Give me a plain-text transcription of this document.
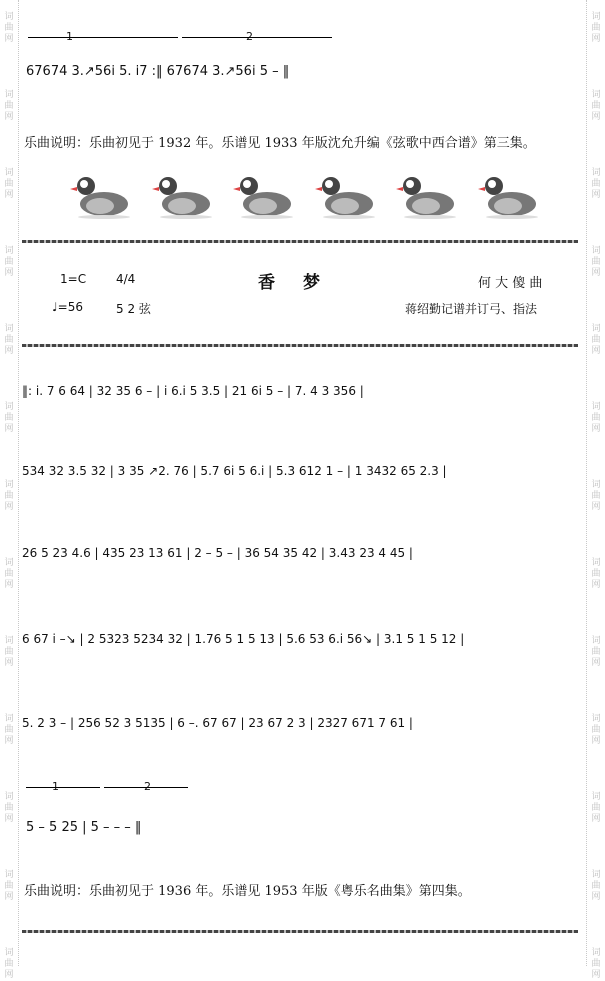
词
曲
网
词
曲
网
词
曲
网
词
曲
网
词
曲
网
词
曲
网
词
曲
网
词
曲
网
词
曲
网
词
曲
网
词
曲
网
词
曲
网
词
曲
网
词
曲
网
词
曲
网
词
曲
网
词
曲
网
词
曲
网
词
曲
网
词
曲
网
词
曲
网
词
曲
网
词
曲
网
词
曲
网
词
曲
网
词
曲
网
1	2
67674 3.↗56i 5. i7 :‖ 67674 3.↗56i 5 – ‖
乐曲说明：乐曲初见于 1932 年。乐谱见 1933 年版沈允升编《弦歌中西合谱》第三集。
1=C 4/4	香梦	何 大 傻 曲
♩=56	5 2 弦	蒋绍勤记谱并订弓、指法
‖: i. 7 6 64 | 32 35 6 – | i 6.i 5 3.5 | 21 6i 5 – | 7. 4 3 356 |
534 32 3.5 32 | 3 35 ↗2. 76 | 5.7 6i 5 6.i | 5.3 612 1 – | 1 3432 65 2.3 |
26 5 23 4.6 | 435 23 13 61 | 2 – 5 – | 36 54 35 42 | 3.43 23 4 45 |
6 67 i –↘ | 2 5323 5234 32 | 1.76 5 1 5 13 | 5.6 53 6.i 56↘ | 3.1 5 1 5 12 |
5. 2 3 – | 256 52 3 5135 | 6 –. 67 67 | 23 67 2 3 | 2327 671 7 61 |
1	2
5 – 5 25 | 5 – – – ‖
乐曲说明：乐曲初见于 1936 年。乐谱见 1953 年版《粤乐名曲集》第四集。
